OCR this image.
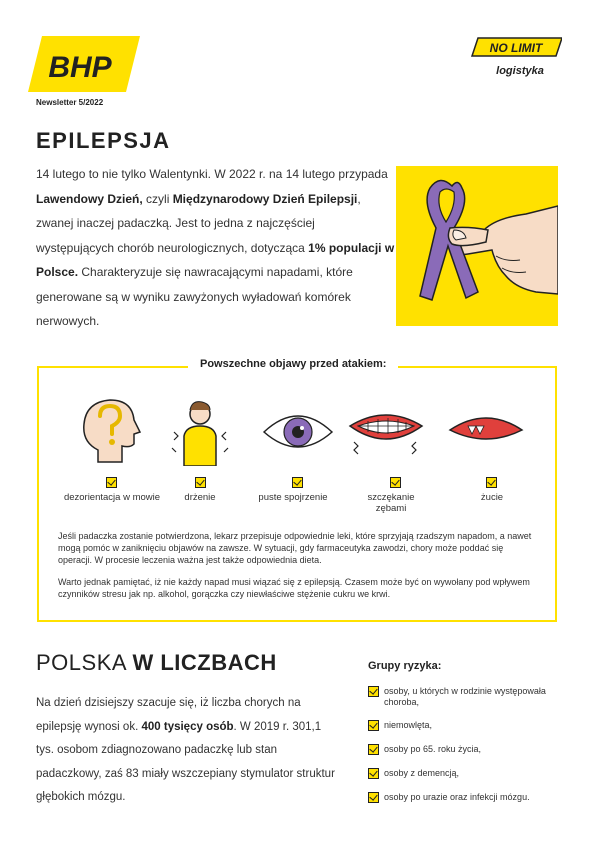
BHP
Newsletter 5/2022
NO LIMIT
logistyka
EPILEPSJA
14 lutego to nie tylko Walentynki. W 2022 r. na 14 lutego przypada Lawendowy Dzień, czyli Międzynarodowy Dzień Epilepsji, zwanej inaczej padaczką. Jest to jedna z najczęściej występujących chorób neurologicznych, dotycząca 1% populacji w Polsce. Charakteryzuje się nawracającymi napadami, które generowane są w wyniku zawyżonych wyładowań komórek nerwowych.
Powszechne objawy przed atakiem:
dezorientacja w mowie	drżenie	puste spojrzenie	szczękanie zębami
żucie
Jeśli padaczka zostanie potwierdzona, lekarz przepisuje odpowiednie leki, które sprzyjają rzadszym napadom, a nawet mogą pomóc w zaniknięciu objawów na zawsze. W sytuacji, gdy farmaceutyka zawodzi, chory może poddać się operacji. W procesie leczenia ważna jest także odpowiednia dieta.
Warto jednak pamiętać, iż nie każdy napad musi wiązać się z epilepsją. Czasem może być on wywołany pod wpływem czynników stresu jak np. alkohol, gorączka czy niewłaściwe stężenie cukru we krwi.
POLSKA W LICZBACH
Na dzień dzisiejszy szacuje się, iż liczba chorych na epilepsję wynosi ok. 400 tysięcy osób. W 2019 r. 301,1 tys. osobom zdiagnozowano padaczkę lub stan padaczkowy, zaś 83 miały wszczepiany stymulator struktur głębokich mózgu.
Grupy ryzyka:
osoby, u których w rodzinie występowała choroba,
niemowlęta,
osoby po 65. roku życia,
osoby z demencją,
osoby po urazie oraz infekcji mózgu.
